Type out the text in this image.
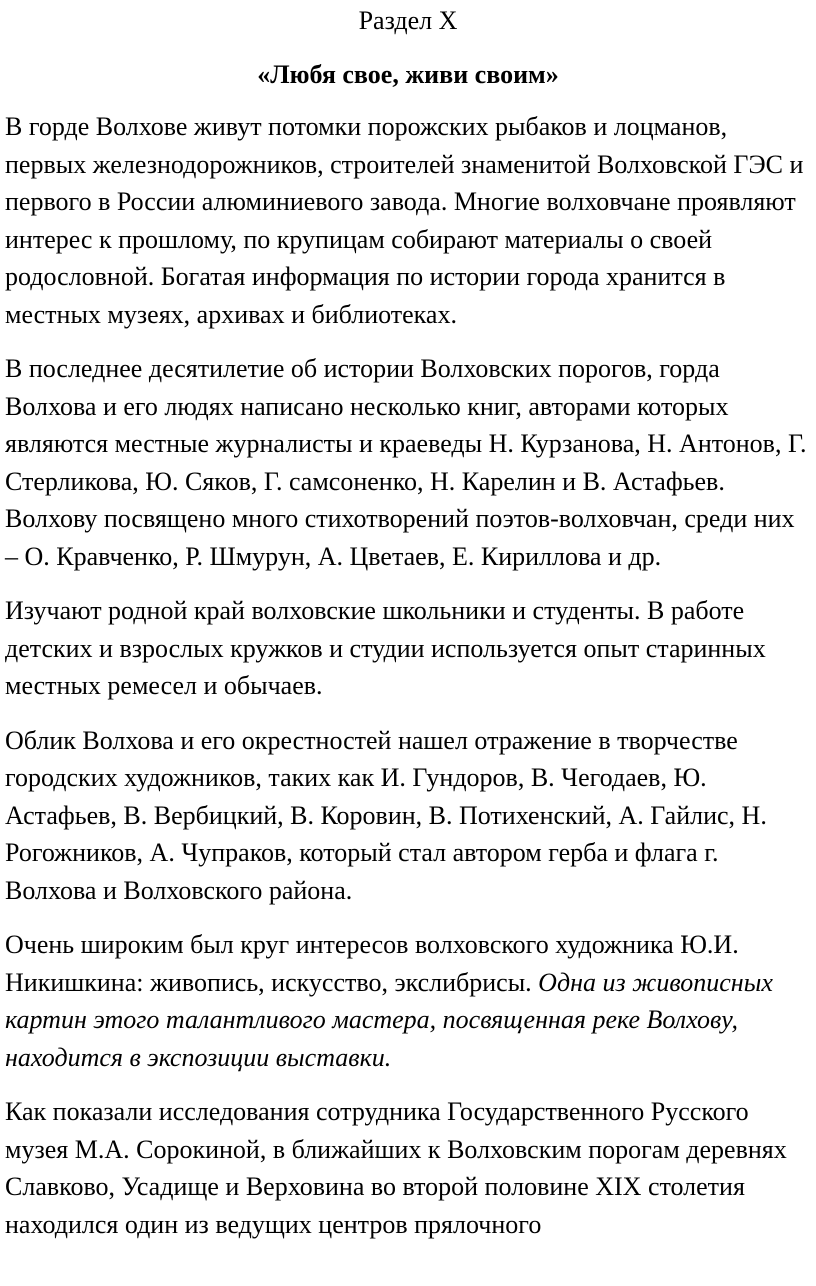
Раздел X
«Любя свое, живи своим»

В горде Волхове живут потомки порожских рыбаков и лоцманов, первых железнодорожников, строителей знаменитой Волховской ГЭС и первого в России алюминиевого завода. Многие волховчане проявляют интерес к прошлому, по крупицам собирают материалы о своей родословной. Богатая информация по истории города хранится в местных музеях, архивах и библиотеках.

В последнее десятилетие об истории Волховских порогов, горда Волхова и его людях написано несколько книг, авторами которых являются местные журналисты и краеведы Н. Курзанова, Н. Антонов, Г. Стерликова, Ю. Сяков, Г. самсоненко, Н. Карелин и В. Астафьев. Волхову посвящено много стихотворений поэтов-волховчан, среди них – О. Кравченко, Р. Шмурун, А. Цветаев, Е. Кириллова и др.

Изучают родной край волховские школьники и студенты. В работе детских и взрослых кружков и студии используется опыт старинных местных ремесел и обычаев.

Облик Волхова и его окрестностей нашел отражение в творчестве городских художников, таких как И. Гундоров, В. Чегодаев, Ю. Астафьев, В. Вербицкий, В. Коровин, В. Потихенский, А. Гайлис, Н. Рогожников, А. Чупраков, который стал автором герба и флага г. Волхова и Волховского района.

Очень широким был круг интересов волховского художника Ю.И. Никишкина: живопись, искусство, экслибрисы. Одна из живописных картин этого талантливого мастера, посвященная реке Волхову, находится в экспозиции выставки.

Как показали исследования сотрудника Государственного Русского музея М.А. Сорокиной, в ближайших к Волховским порогам деревнях Славково, Усадище и Верховина во второй половине XIX столетия находился один из ведущих центров прялочного
